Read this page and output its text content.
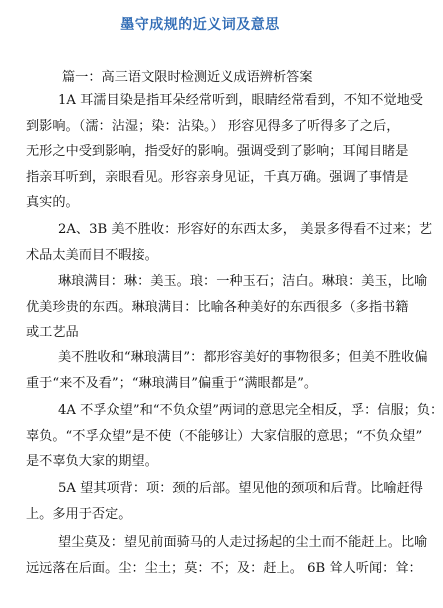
墨守成规的近义词及意思
篇一：高三语文限时检测近义成语辨析答案
1A 耳濡目染是指耳朵经常听到，眼睛经常看到，不知不觉地受
到影响。（濡：沾湿；染：沾染。） 形容见得多了听得多了之后，
无形之中受到影响，指受好的影响。强调受到了影响；耳闻目睹是
指亲耳听到，亲眼看见。形容亲身见证，千真万确。强调了事情是
真实的。
2A、3B 美不胜收：形容好的东西太多， 美景多得看不过来；艺
术品太美而目不暇接。
琳琅满目：琳：美玉。琅：一种玉石；洁白。琳琅：美玉，比喻
优美珍贵的东西。琳琅满目：比喻各种美好的东西很多（多指书籍
或工艺品
美不胜收和“琳琅满目”：都形容美好的事物很多；但美不胜收偏
重于“来不及看”；“琳琅满目”偏重于“满眼都是”。
4A 不孚众望”和“不负众望”两词的意思完全相反，孚：信服；负：
辜负。“不孚众望”是不使（不能够让）大家信服的意思；“不负众望”
是不辜负大家的期望。
5A 望其项背：项：颈的后部。望见他的颈项和后背。比喻赶得
上。多用于否定。
望尘莫及：望见前面骑马的人走过扬起的尘土而不能赶上。比喻
远远落在后面。尘：尘土；莫：不；及：赶上。 6B 耸人听闻：耸：
